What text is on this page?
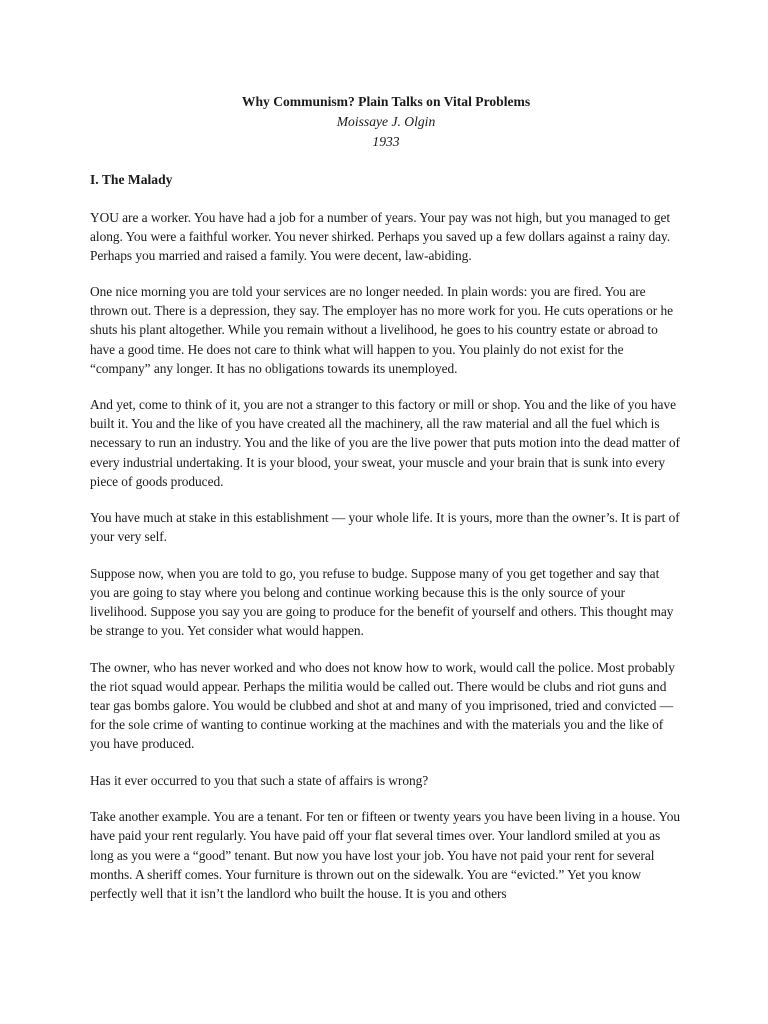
Why Communism? Plain Talks on Vital Problems

Moissaye J. Olgin

1933

I. The Malady

YOU are a worker. You have had a job for a number of years. Your pay was not high, but you managed to get along. You were a faithful worker. You never shirked. Perhaps you saved up a few dollars against a rainy day. Perhaps you married and raised a family. You were decent, law-abiding.

One nice morning you are told your services are no longer needed. In plain words: you are fired. You are thrown out. There is a depression, they say. The employer has no more work for you. He cuts operations or he shuts his plant altogether. While you remain without a livelihood, he goes to his country estate or abroad to have a good time. He does not care to think what will happen to you. You plainly do not exist for the “company” any longer. It has no obligations towards its unemployed.

And yet, come to think of it, you are not a stranger to this factory or mill or shop. You and the like of you have built it. You and the like of you have created all the machinery, all the raw material and all the fuel which is necessary to run an industry. You and the like of you are the live power that puts motion into the dead matter of every industrial undertaking. It is your blood, your sweat, your muscle and your brain that is sunk into every piece of goods produced.

You have much at stake in this establishment — your whole life. It is yours, more than the owner’s. It is part of your very self.

Suppose now, when you are told to go, you refuse to budge. Suppose many of you get together and say that you are going to stay where you belong and continue working because this is the only source of your livelihood. Suppose you say you are going to produce for the benefit of yourself and others. This thought may be strange to you. Yet consider what would happen.

The owner, who has never worked and who does not know how to work, would call the police. Most probably the riot squad would appear. Perhaps the militia would be called out. There would be clubs and riot guns and tear gas bombs galore. You would be clubbed and shot at and many of you imprisoned, tried and convicted — for the sole crime of wanting to continue working at the machines and with the materials you and the like of you have produced.

Has it ever occurred to you that such a state of affairs is wrong?

Take another example. You are a tenant. For ten or fifteen or twenty years you have been living in a house. You have paid your rent regularly. You have paid off your flat several times over. Your landlord smiled at you as long as you were a “good” tenant. But now you have lost your job. You have not paid your rent for several months. A sheriff comes. Your furniture is thrown out on the sidewalk. You are “evicted.” Yet you know perfectly well that it isn’t the landlord who built the house. It is you and others
